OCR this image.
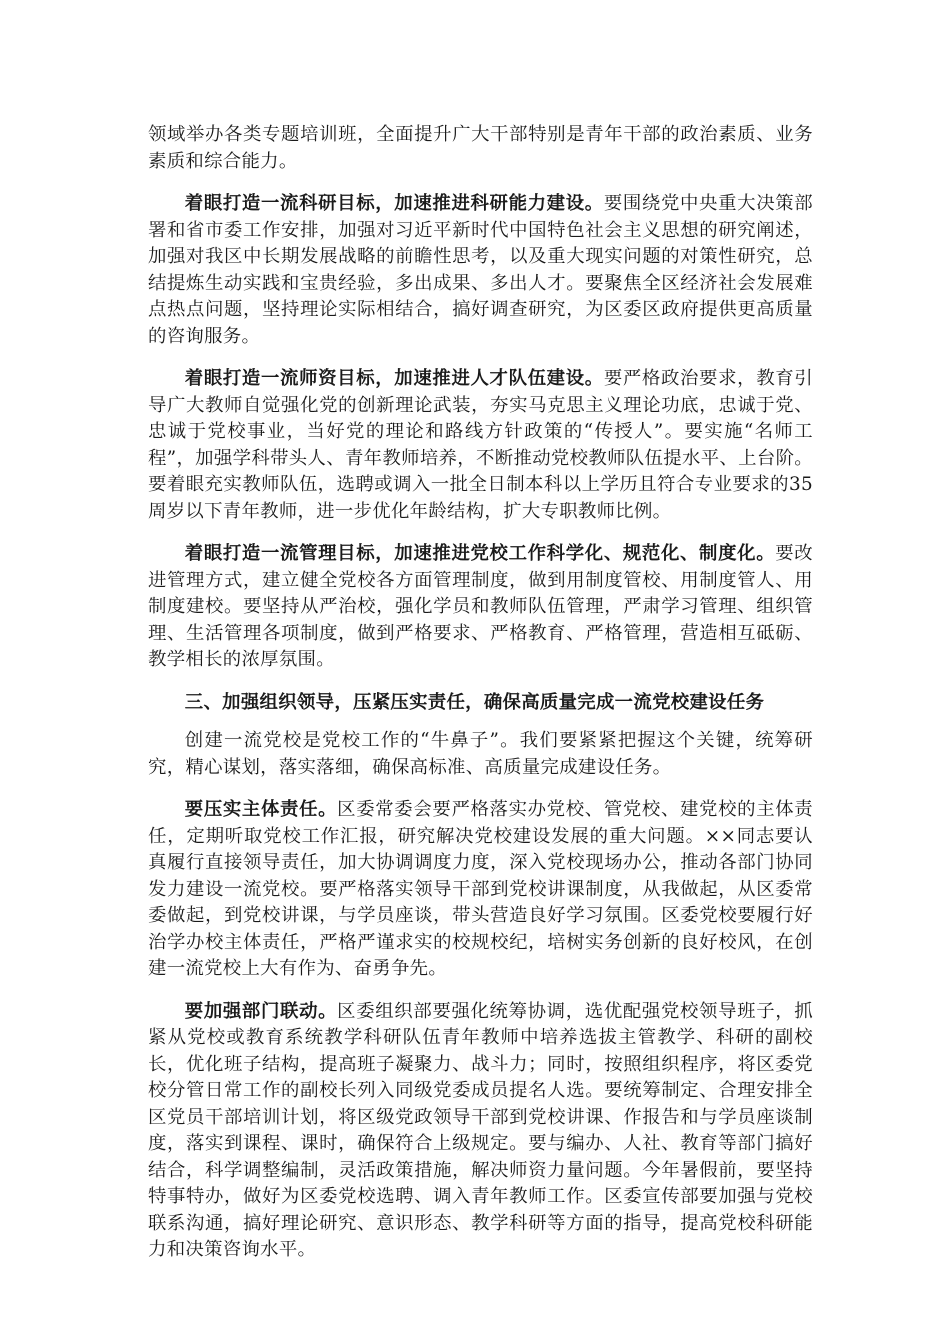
领域举办各类专题培训班，全面提升广大干部特别是青年干部的政治素质、业务素质和综合能力。

着眼打造一流科研目标，加速推进科研能力建设。要围绕党中央重大决策部署和省市委工作安排，加强对习近平新时代中国特色社会主义思想的研究阐述，加强对我区中长期发展战略的前瞻性思考，以及重大现实问题的对策性研究，总结提炼生动实践和宝贵经验，多出成果、多出人才。要聚焦全区经济社会发展难点热点问题，坚持理论实际相结合，搞好调查研究，为区委区政府提供更高质量的咨询服务。

着眼打造一流师资目标，加速推进人才队伍建设。要严格政治要求，教育引导广大教师自觉强化党的创新理论武装，夯实马克思主义理论功底，忠诚于党、忠诚于党校事业，当好党的理论和路线方针政策的“传授人”。要实施“名师工程”，加强学科带头人、青年教师培养，不断推动党校教师队伍提水平、上台阶。要着眼充实教师队伍，选聘或调入一批全日制本科以上学历且符合专业要求的35周岁以下青年教师，进一步优化年龄结构，扩大专职教师比例。

着眼打造一流管理目标，加速推进党校工作科学化、规范化、制度化。要改进管理方式，建立健全党校各方面管理制度，做到用制度管校、用制度管人、用制度建校。要坚持从严治校，强化学员和教师队伍管理，严肃学习管理、组织管理、生活管理各项制度，做到严格要求、严格教育、严格管理，营造相互砥砺、教学相长的浓厚氛围。

三、加强组织领导，压紧压实责任，确保高质量完成一流党校建设任务

创建一流党校是党校工作的“牛鼻子”。我们要紧紧把握这个关键，统筹研究，精心谋划，落实落细，确保高标准、高质量完成建设任务。

要压实主体责任。区委常委会要严格落实办党校、管党校、建党校的主体责任，定期听取党校工作汇报，研究解决党校建设发展的重大问题。××同志要认真履行直接领导责任，加大协调调度力度，深入党校现场办公，推动各部门协同发力建设一流党校。要严格落实领导干部到党校讲课制度，从我做起，从区委常委做起，到党校讲课，与学员座谈，带头营造良好学习氛围。区委党校要履行好治学办校主体责任，严格严谨求实的校规校纪，培树实务创新的良好校风，在创建一流党校上大有作为、奋勇争先。

要加强部门联动。区委组织部要强化统筹协调，选优配强党校领导班子，抓紧从党校或教育系统教学科研队伍青年教师中培养选拔主管教学、科研的副校长，优化班子结构，提高班子凝聚力、战斗力；同时，按照组织程序，将区委党校分管日常工作的副校长列入同级党委成员提名人选。要统筹制定、合理安排全区党员干部培训计划，将区级党政领导干部到党校讲课、作报告和与学员座谈制度，落实到课程、课时，确保符合上级规定。要与编办、人社、教育等部门搞好结合，科学调整编制，灵活政策措施，解决师资力量问题。今年暑假前，要坚持特事特办，做好为区委党校选聘、调入青年教师工作。区委宣传部要加强与党校联系沟通，搞好理论研究、意识形态、教学科研等方面的指导，提高党校科研能力和决策咨询水平。
